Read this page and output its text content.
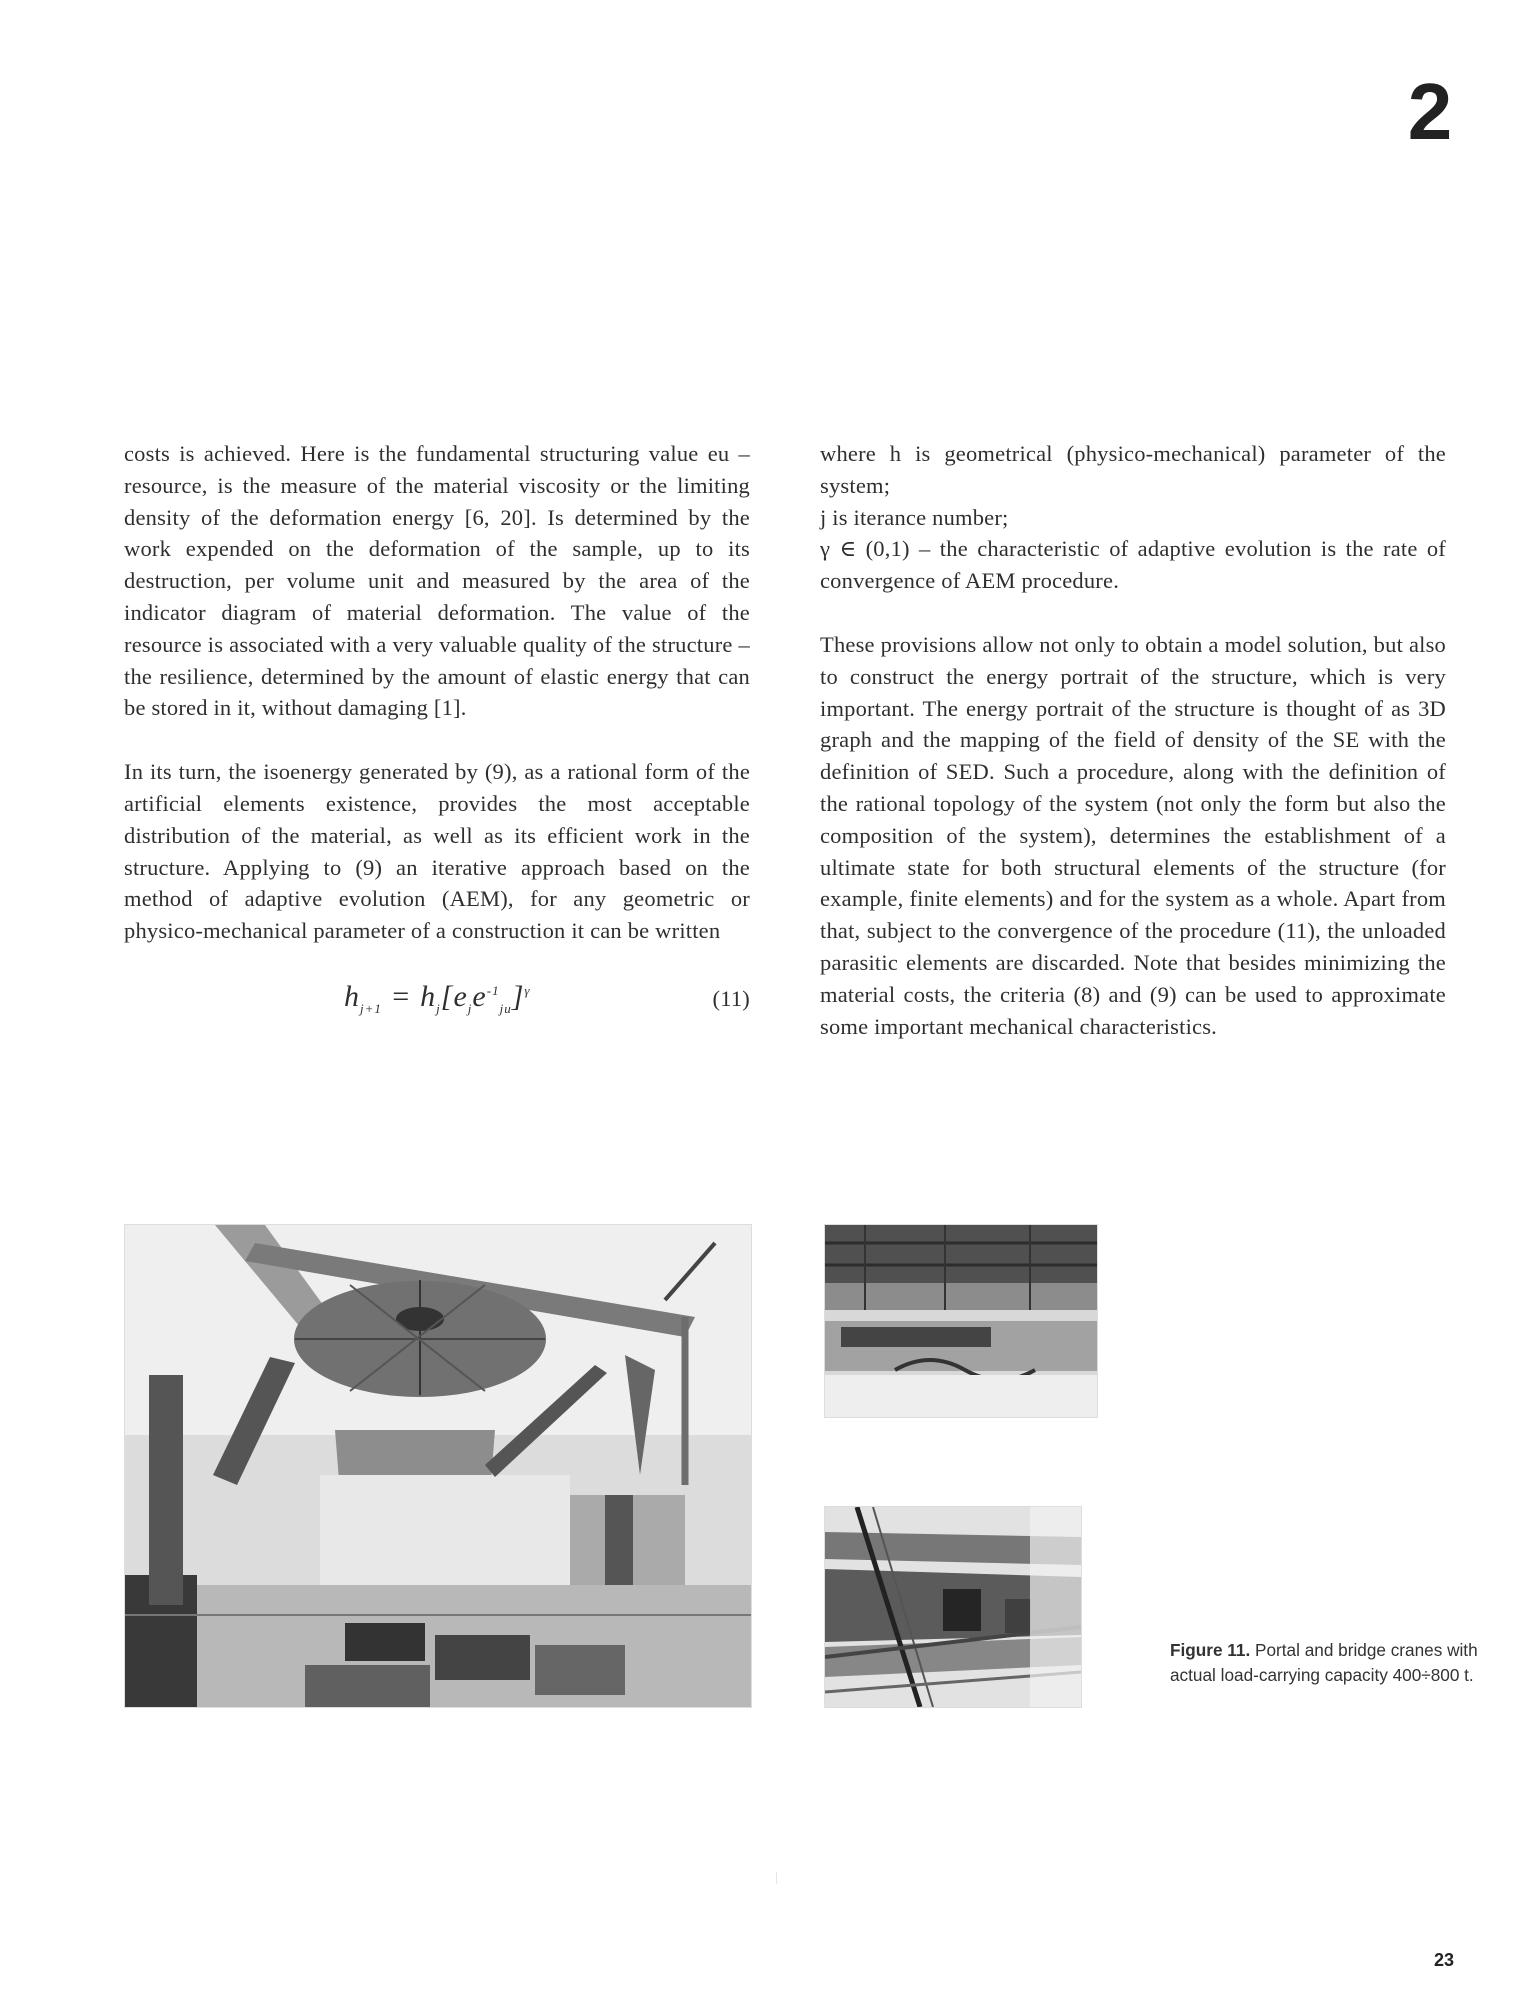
2

costs is achieved. Here is the fundamental structuring value eu – resource, is the measure of the material viscosity or the limiting density of the deformation energy [6, 20]. Is determined by the work expended on the deformation of the sample, up to its destruction, per volume unit and measured by the area of the indicator diagram of material deformation. The value of the resource is associated with a very valuable quality of the structure – the resilience, determined by the amount of elastic energy that can be stored in it, without damaging [1].

In its turn, the isoenergy generated by (9), as a rational form of the artificial elements existence, provides the most acceptable distribution of the material, as well as its efficient work in the structure. Applying to (9) an iterative approach based on the method of adaptive evolution (AEM), for any geometric or physico-mechanical parameter of a construction it can be written

$h_{j+1} = h_j[e_je^{-1}_{ju}]^\gamma$	(11)

where h is geometrical (physico-mechanical) parameter of the system;

j is iterance number;

γ ∈ (0,1) – the characteristic of adaptive evolution is the rate of convergence of AEM procedure.

These provisions allow not only to obtain a model solution, but also to construct the energy portrait of the structure, which is very important. The energy portrait of the structure is thought of as 3D graph and the mapping of the field of density of the SE with the definition of SED. Such a procedure, along with the definition of the rational topology of the system (not only the form but also the composition of the system), determines the establishment of a ultimate state for both structural elements of the structure (for example, finite elements) and for the system as a whole. Apart from that, subject to the convergence of the procedure (11), the unloaded parasitic elements are discarded. Note that besides minimizing the material costs, the criteria (8) and (9) can be used to approximate some important mechanical characteristics.

Figure 11. Portal and bridge cranes with actual load-carrying capacity 400÷800 t.
23
